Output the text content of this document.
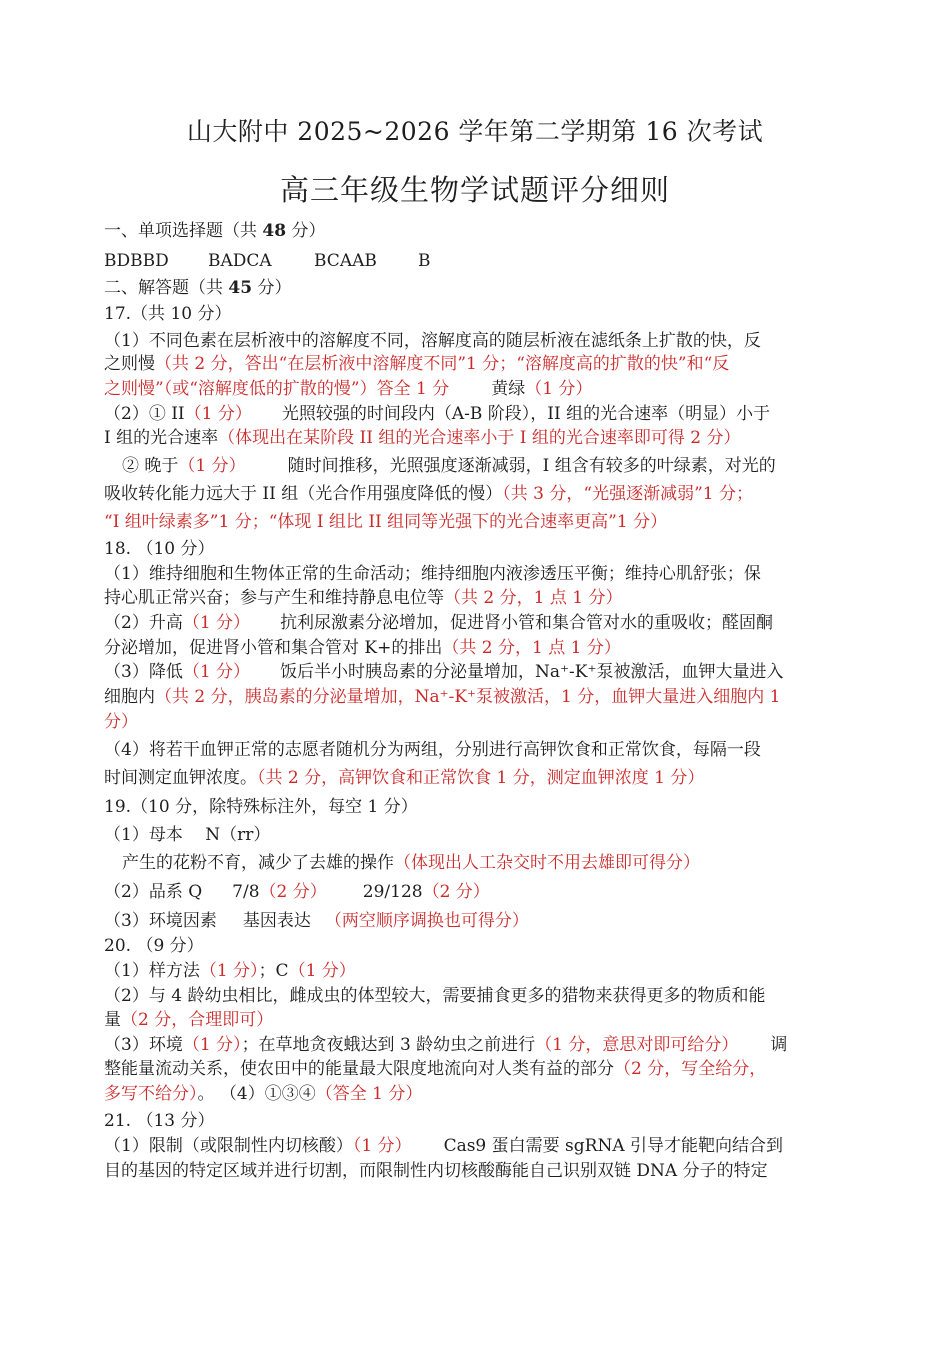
山大附中 2025~2026 学年第二学期第 16 次考试
高三年级生物学试题评分细则
一、单项选择题（共 48 分）
BDBBD BADCA BCAAB B
二、解答题（共 45 分）
17.（共 10 分）
（1）不同色素在层析液中的溶解度不同，溶解度高的随层析液在滤纸条上扩散的快，反
之则慢（共 2 分，答出“在层析液中溶解度不同”1 分；“溶解度高的扩散的快”和“反
之则慢”（或“溶解度低的扩散的慢”）答全 1 分 黄绿（1 分）
（2）① II（1 分） 光照较强的时间段内（A-B 阶段），II 组的光合速率（明显）小于
I 组的光合速率（体现出在某阶段 II 组的光合速率小于 I 组的光合速率即可得 2 分）
② 晚于（1 分） 随时间推移，光照强度逐渐减弱，I 组含有较多的叶绿素，对光的
吸收转化能力远大于 II 组（光合作用强度降低的慢）（共 3 分，“光强逐渐减弱”1 分；
“I 组叶绿素多”1 分；“体现 I 组比 II 组同等光强下的光合速率更高”1 分）
18. （10 分）
（1）维持细胞和生物体正常的生命活动；维持细胞内液渗透压平衡；维持心肌舒张；保
持心肌正常兴奋；参与产生和维持静息电位等（共 2 分，1 点 1 分）
（2）升高（1 分） 抗利尿激素分泌增加，促进肾小管和集合管对水的重吸收；醛固酮
分泌增加，促进肾小管和集合管对 K+的排出（共 2 分，1 点 1 分）
（3）降低（1 分） 饭后半小时胰岛素的分泌量增加，Na⁺-K⁺泵被激活，血钾大量进入
细胞内（共 2 分，胰岛素的分泌量增加，Na⁺-K⁺泵被激活，1 分，血钾大量进入细胞内 1
分）
（4）将若干血钾正常的志愿者随机分为两组，分别进行高钾饮食和正常饮食，每隔一段
时间测定血钾浓度。（共 2 分，高钾饮食和正常饮食 1 分，测定血钾浓度 1 分）
19.（10 分，除特殊标注外，每空 1 分）
（1）母本　 N（rr）
产生的花粉不育，减少了去雄的操作（体现出人工杂交时不用去雄即可得分）
（2）品系 Q 7/8（2 分） 29/128（2 分）
（3）环境因素 基因表达 （两空顺序调换也可得分）
20. （9 分）
（1）样方法（1 分）；C（1 分）
（2）与 4 龄幼虫相比，雌成虫的体型较大，需要捕食更多的猎物来获得更多的物质和能
量（2 分，合理即可）
（3）环境（1 分）；在草地贪夜蛾达到 3 龄幼虫之前进行（1 分，意思对即可给分） 调
整能量流动关系，使农田中的能量最大限度地流向对人类有益的部分（2 分，写全给分，
多写不给分）。 （4）①③④（答全 1 分）
21. （13 分）
（1）限制（或限制性内切核酸）（1 分） Cas9 蛋白需要 sgRNA 引导才能靶向结合到
目的基因的特定区域并进行切割，而限制性内切核酸酶能自己识别双链 DNA 分子的特定
